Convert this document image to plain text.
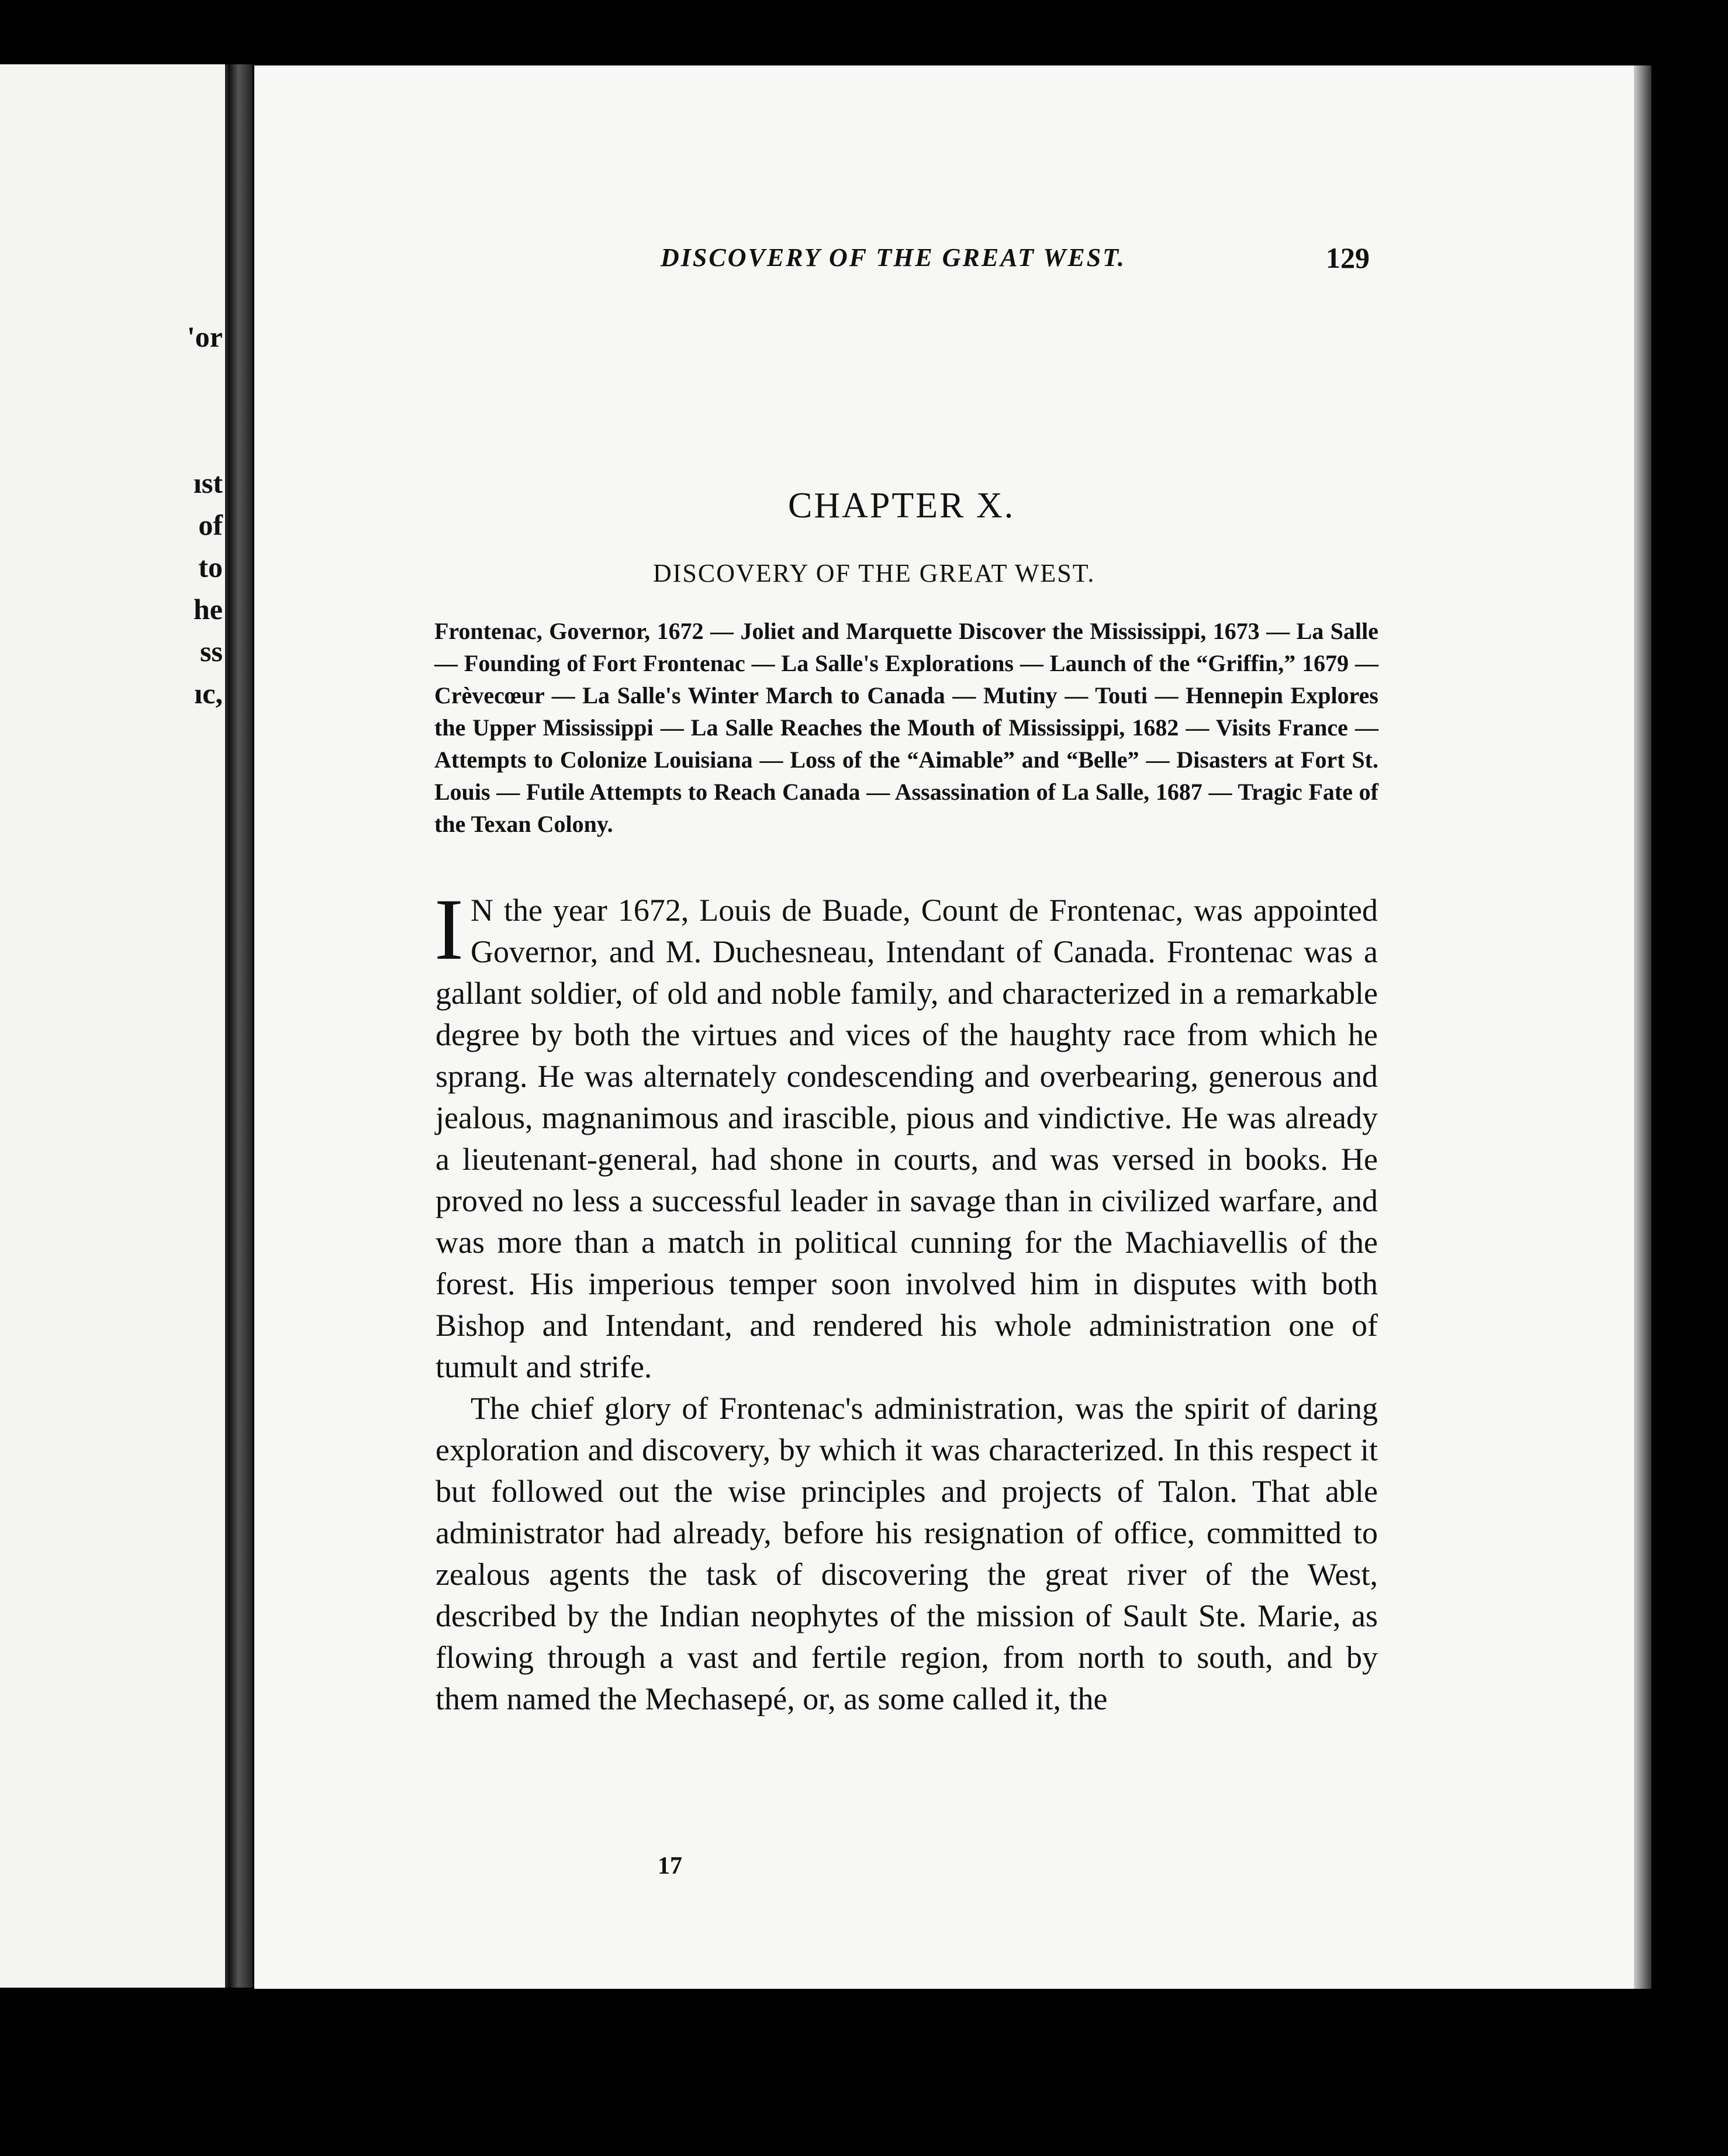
'or
ıst
of
to
he
ss
ıc,
DISCOVERY OF THE GREAT WEST.	129
CHAPTER X.
DISCOVERY OF THE GREAT WEST.
Frontenac, Governor, 1672 — Joliet and Marquette Discover the Mississippi, 1673 — La Salle — Founding of Fort Frontenac — La Salle's Explorations — Launch of the “Griffin,” 1679 — Crèvecœur — La Salle's Winter March to Canada — Mutiny — Touti — Hennepin Explores the Upper Mississippi — La Salle Reaches the Mouth of Mississippi, 1682 — Visits France — Attempts to Colonize Louisiana — Loss of the “Aimable” and “Belle” — Disasters at Fort St. Louis — Futile Attempts to Reach Canada — Assassination of La Salle, 1687 — Tragic Fate of the Texan Colony.

I N the year 1672, Louis de Buade, Count de Frontenac, was appointed Governor, and M. Duchesneau, Intendant of Canada. Frontenac was a gallant soldier, of old and noble family, and characterized in a remarkable degree by both the virtues and vices of the haughty race from which he sprang. He was alternately condescending and overbearing, generous and jealous, magnanimous and irascible, pious and vindictive. He was already a lieutenant-general, had shone in courts, and was versed in books. He proved no less a successful leader in savage than in civilized warfare, and was more than a match in political cunning for the Machiavellis of the forest. His imperious temper soon involved him in disputes with both Bishop and Intendant, and rendered his whole administration one of tumult and strife.

The chief glory of Frontenac's administration, was the spirit of daring exploration and discovery, by which it was characterized. In this respect it but followed out the wise principles and projects of Talon. That able administrator had already, before his resignation of office, committed to zealous agents the task of discovering the great river of the West, described by the Indian neophytes of the mission of Sault Ste. Marie, as flowing through a vast and fertile region, from north to south, and by them named the Mechasepé, or, as some called it, the

17
